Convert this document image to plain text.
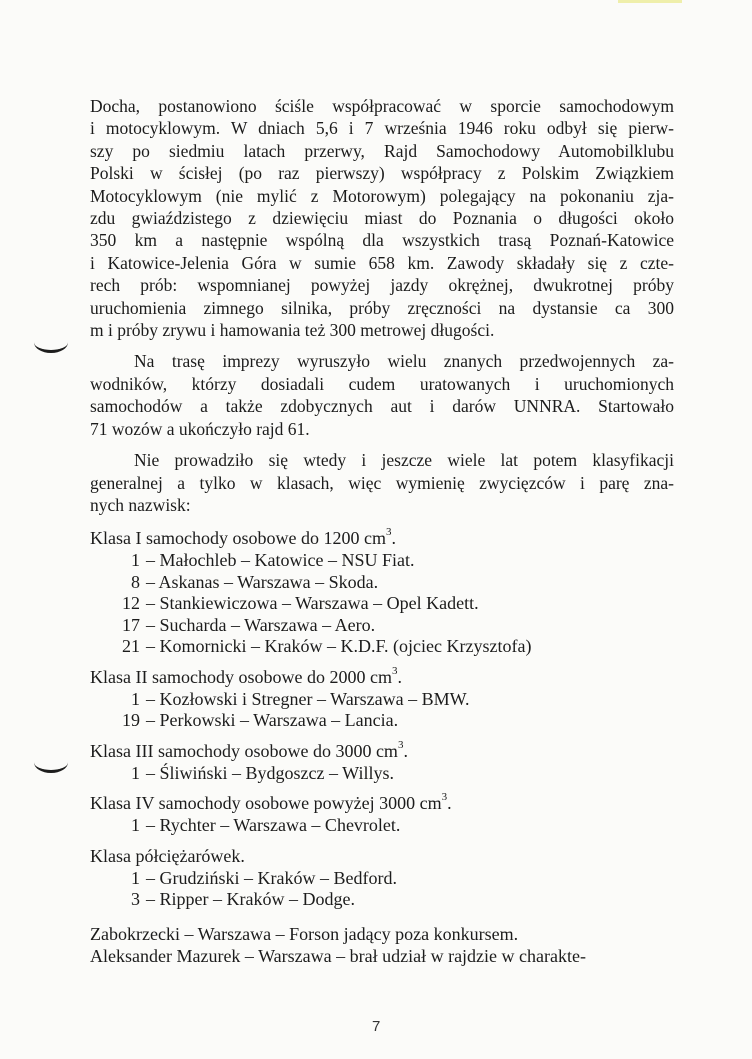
Docha, postanowiono ściśle współpracować w sporcie samochodowym
i motocyklowym. W dniach 5,6 i 7 września 1946 roku odbył się pierw-
szy po siedmiu latach przerwy, Rajd Samochodowy Automobilklubu
Polski w ścisłej (po raz pierwszy) współpracy z Polskim Związkiem
Motocyklowym (nie mylić z Motorowym) polegający na pokonaniu zja-
zdu gwiaździstego z dziewięciu miast do Poznania o długości około
350 km a następnie wspólną dla wszystkich trasą Poznań-Katowice
i Katowice-Jelenia Góra w sumie 658 km. Zawody składały się z czte-
rech prób: wspomnianej powyżej jazdy okrężnej, dwukrotnej próby
uruchomienia zimnego silnika, próby zręczności na dystansie ca 300
m i próby zrywu i hamowania też 300 metrowej długości.
Na trasę imprezy wyruszyło wielu znanych przedwojennych za-
wodników, którzy dosiadali cudem uratowanych i uruchomionych
samochodów a także zdobycznych aut i darów UNNRA. Startowało
71 wozów a ukończyło rajd 61.
Nie prowadziło się wtedy i jeszcze wiele lat potem klasyfikacji
generalnej a tylko w klasach, więc wymienię zwycięzców i parę zna-
nych nazwisk:

Klasa I samochody osobowe do 1200 $cm^3$.

1 – Małochleb – Katowice – NSU Fiat.

8 – Askanas – Warszawa – Skoda.

12 – Stankiewiczowa – Warszawa – Opel Kadett.

17 – Sucharda – Warszawa – Aero.

21 – Komornicki – Kraków – K.D.F. (ojciec Krzysztofa)

Klasa II samochody osobowe do 2000 $cm^3$.

1 – Kozłowski i Stregner – Warszawa – BMW.

19 – Perkowski – Warszawa – Lancia.

Klasa III samochody osobowe do 3000 $cm^3$.

1 – Śliwiński – Bydgoszcz – Willys.

Klasa IV samochody osobowe powyżej 3000 $cm^3$.

1 – Rychter – Warszawa – Chevrolet.

Klasa półciężarówek.

1 – Grudziński – Kraków – Bedford.

3 – Ripper – Kraków – Dodge.

Zabokrzecki – Warszawa – Forson jadący poza konkursem.

Aleksander Mazurek – Warszawa – brał udział w rajdzie w charakte-

7
